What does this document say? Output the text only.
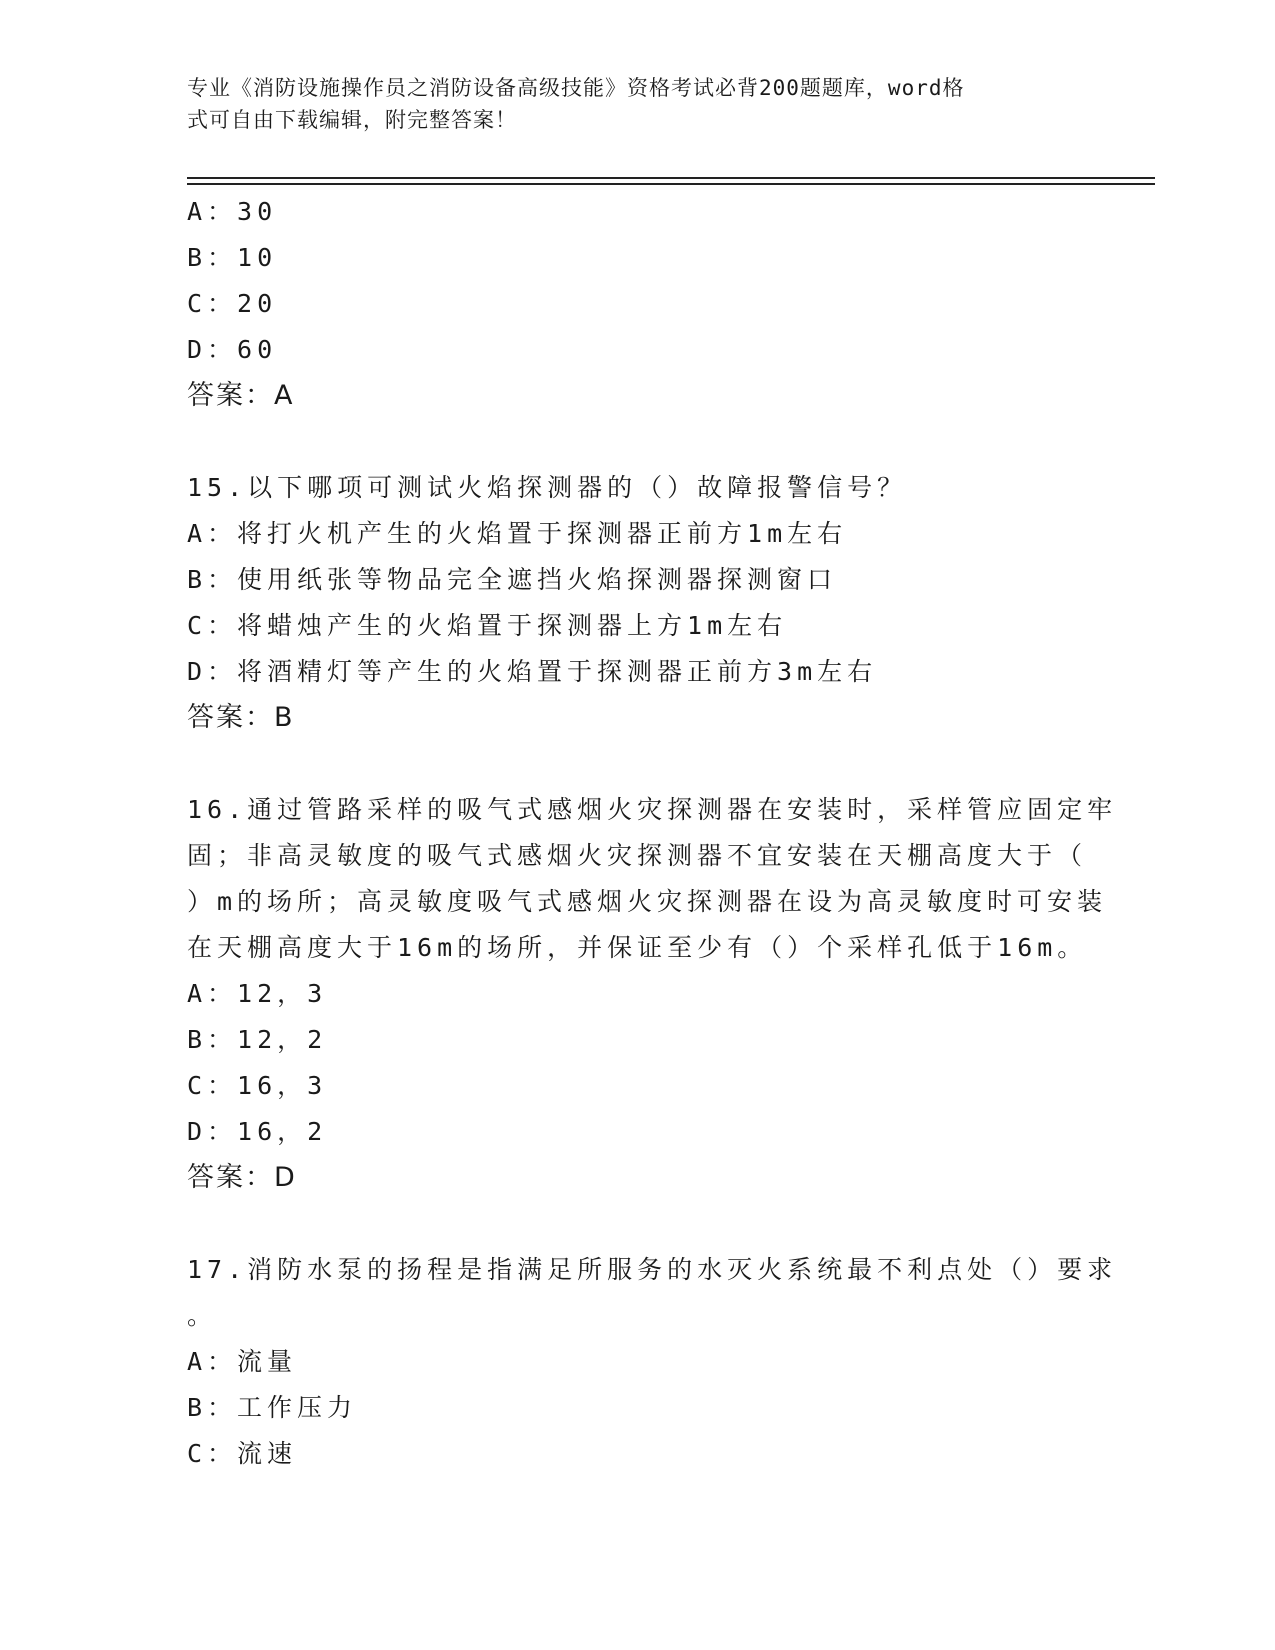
专业《消防设施操作员之消防设备高级技能》资格考试必背200题题库，word格
式可自由下载编辑，附完整答案！
A：30
B：10
C：20
D：60
答案：A
15.以下哪项可测试火焰探测器的（）故障报警信号？
A：将打火机产生的火焰置于探测器正前方1m左右
B：使用纸张等物品完全遮挡火焰探测器探测窗口
C：将蜡烛产生的火焰置于探测器上方1m左右
D：将酒精灯等产生的火焰置于探测器正前方3m左右
答案：B
16.通过管路采样的吸气式感烟火灾探测器在安装时，采样管应固定牢
固；非高灵敏度的吸气式感烟火灾探测器不宜安装在天棚高度大于（
）m的场所；高灵敏度吸气式感烟火灾探测器在设为高灵敏度时可安装
在天棚高度大于16m的场所，并保证至少有（）个采样孔低于16m。
A：12，3
B：12，2
C：16，3
D：16，2
答案：D
17.消防水泵的扬程是指满足所服务的水灭火系统最不利点处（）要求
。
A：流量
B：工作压力
C：流速
